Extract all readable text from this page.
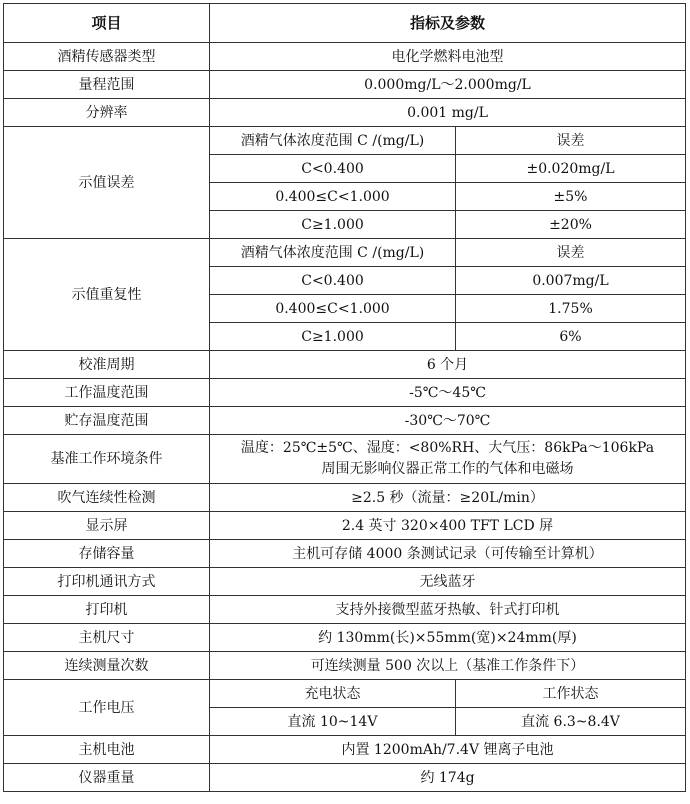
项目	指标及参数	
酒精传感器类型	电化学燃料电池型	
量程范围	0.000mg/L～2.000mg/L	
分辨率	0.001 mg/L	
示值误差	酒精气体浓度范围 C /(mg/L)	误差
	C<0.400	±0.020mg/L
	0.400≤C<1.000	±5%
	C≥1.000	±20%
示值重复性	酒精气体浓度范围 C /(mg/L)	误差
	C<0.400	0.007mg/L
	0.400≤C<1.000	1.75%
	C≥1.000	6%
校准周期	6 个月	
工作温度范围	-5℃～45℃	
贮存温度范围	-30℃～70℃	
基准工作环境条件	温度：25℃±5℃、湿度：<80%RH、大气压：86kPa～106kPa
周围无影响仪器正常工作的气体和电磁场	

吹气连续性检测	≥2.5 秒（流量：≥20L/min）	
显示屏	2.4 英寸 320×400 TFT LCD 屏	
存储容量	主机可存储 4000 条测试记录（可传输至计算机）	
打印机通讯方式	无线蓝牙	
打印机	支持外接微型蓝牙热敏、针式打印机	
主机尺寸	约 130mm(长)×55mm(宽)×24mm(厚)	
连续测量次数	可连续测量 500 次以上（基准工作条件下）	
工作电压	充电状态	工作状态
	直流 10~14V	直流 6.3~8.4V
主机电池	内置 1200mAh/7.4V 锂离子电池	
仪器重量	约 174g	
